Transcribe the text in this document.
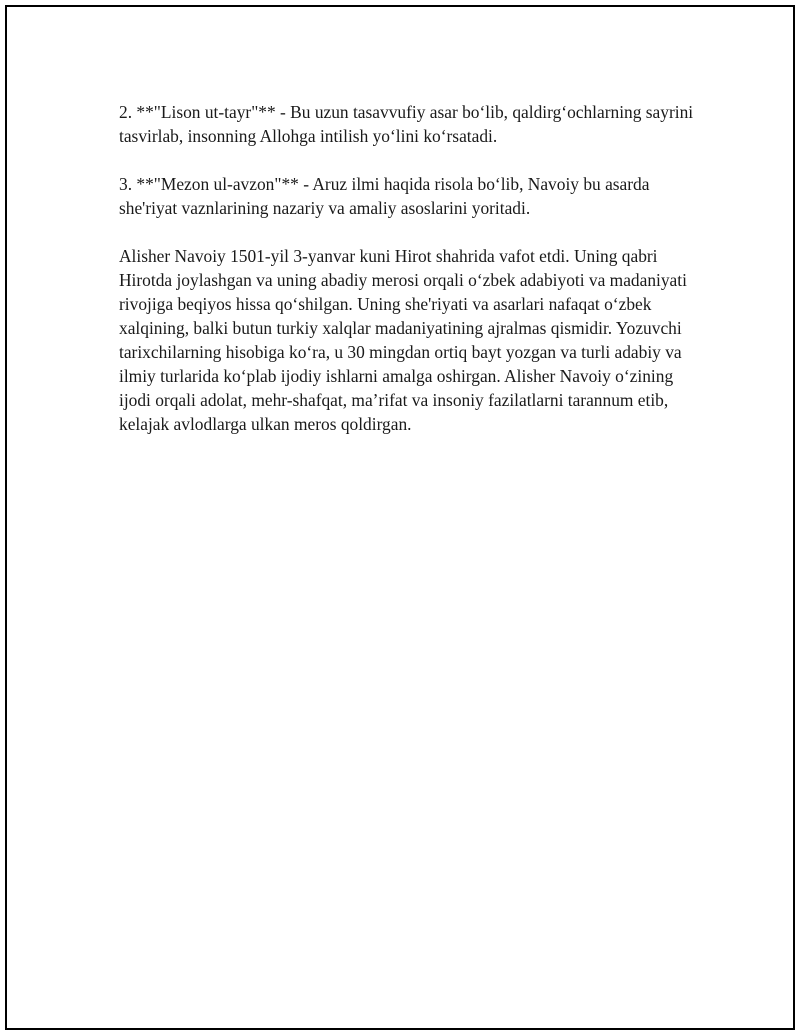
2. **"Lison ut-tayr"** - Bu uzun tasavvufiy asar bo‘lib, qaldirg‘ochlarning sayrini tasvirlab, insonning Allohga intilish yo‘lini ko‘rsatadi.

3. **"Mezon ul-avzon"** - Aruz ilmi haqida risola bo‘lib, Navoiy bu asarda she'riyat vaznlarining nazariy va amaliy asoslarini yoritadi.

Alisher Navoiy 1501-yil 3-yanvar kuni Hirot shahrida vafot etdi. Uning qabri Hirotda joylashgan va uning abadiy merosi orqali o‘zbek adabiyoti va madaniyati rivojiga beqiyos hissa qo‘shilgan. Uning she'riyati va asarlari nafaqat o‘zbek xalqining, balki butun turkiy xalqlar madaniyatining ajralmas qismidir. Yozuvchi tarixchilarning hisobiga ko‘ra, u 30 mingdan ortiq bayt yozgan va turli adabiy va ilmiy turlarida ko‘plab ijodiy ishlarni amalga oshirgan. Alisher Navoiy o‘zining ijodi orqali adolat, mehr-shafqat, ma’rifat va insoniy fazilatlarni tarannum etib, kelajak avlodlarga ulkan meros qoldirgan.
